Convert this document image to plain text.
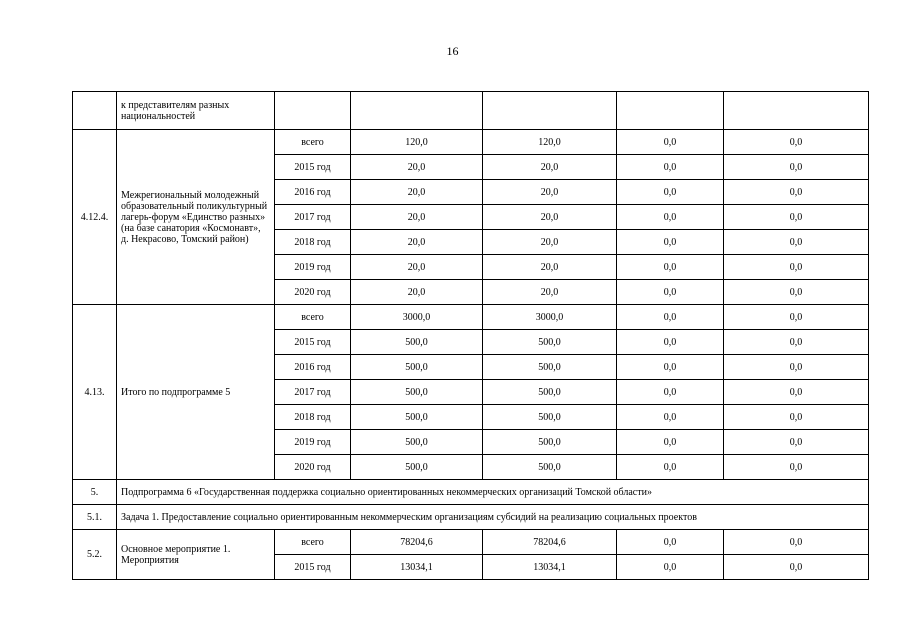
16
	к представителям разных национальностей					
4.12.4.	Межрегиональный молодежный образовательный поликультурный лагерь-форум «Единство разных» (на базе санатория «Космонавт», д. Некрасово, Томский район)	всего	120,0	120,0	0,0	0,0
		2015 год	20,0	20,0	0,0	0,0
		2016 год	20,0	20,0	0,0	0,0
		2017 год	20,0	20,0	0,0	0,0
		2018 год	20,0	20,0	0,0	0,0
		2019 год	20,0	20,0	0,0	0,0
		2020 год	20,0	20,0	0,0	0,0
4.13.	Итого по подпрограмме 5	всего	3000,0	3000,0	0,0	0,0
		2015 год	500,0	500,0	0,0	0,0
		2016 год	500,0	500,0	0,0	0,0
		2017 год	500,0	500,0	0,0	0,0
		2018 год	500,0	500,0	0,0	0,0
		2019 год	500,0	500,0	0,0	0,0
		2020 год	500,0	500,0	0,0	0,0
5.	Подпрограмма 6 «Государственная поддержка социально ориентированных некоммерческих организаций Томской области»					
5.1.	Задача 1. Предоставление социально ориентированным некоммерческим организациям субсидий на реализацию социальных проектов					
5.2.	Основное мероприятие 1. Мероприятия	всего	78204,6	78204,6	0,0	0,0
		2015 год	13034,1	13034,1	0,0	0,0
